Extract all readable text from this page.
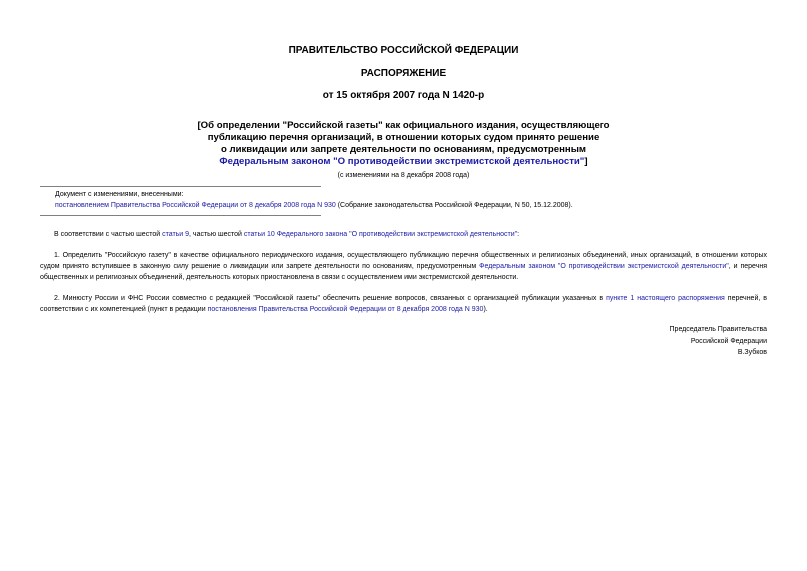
ПРАВИТЕЛЬСТВО РОССИЙСКОЙ ФЕДЕРАЦИИ
РАСПОРЯЖЕНИЕ
от 15 октября 2007 года N 1420-р
[Об определении "Российской газеты" как официального издания, осуществляющего
публикацию перечня организаций, в отношении которых судом принято решение
о ликвидации или запрете деятельности по основаниям, предусмотренным
Федеральным законом "О противодействии экстремистской деятельности"]
(с изменениями на 8 декабря 2008 года)
Документ с изменениями, внесенными:
постановлением Правительства Российской Федерации от 8 декабря 2008 года N 930 (Собрание законодательства Российской Федерации, N 50, 15.12.2008).
В соответствии с частью шестой статьи 9, частью шестой статьи 10 Федерального закона "О противодействии экстремистской деятельности":
1. Определить "Российскую газету" в качестве официального периодического издания, осуществляющего публикацию перечня общественных и религиозных объединений, иных организаций, в отношении которых судом принято вступившее в законную силу решение о ликвидации или запрете деятельности по основаниям, предусмотренным Федеральным законом "О противодействии экстремистской деятельности", и перечня общественных и религиозных объединений, деятельность которых приостановлена в связи с осуществлением ими экстремистской деятельности.
2. Минюсту России и ФНС России совместно с редакцией "Российской газеты" обеспечить решение вопросов, связанных с организацией публикации указанных в пункте 1 настоящего распоряжения перечней, в соответствии с их компетенцией (пункт в редакции постановления Правительства Российской Федерации от 8 декабря 2008 года N 930).
Председатель Правительства
Российской Федерации
В.Зубков
